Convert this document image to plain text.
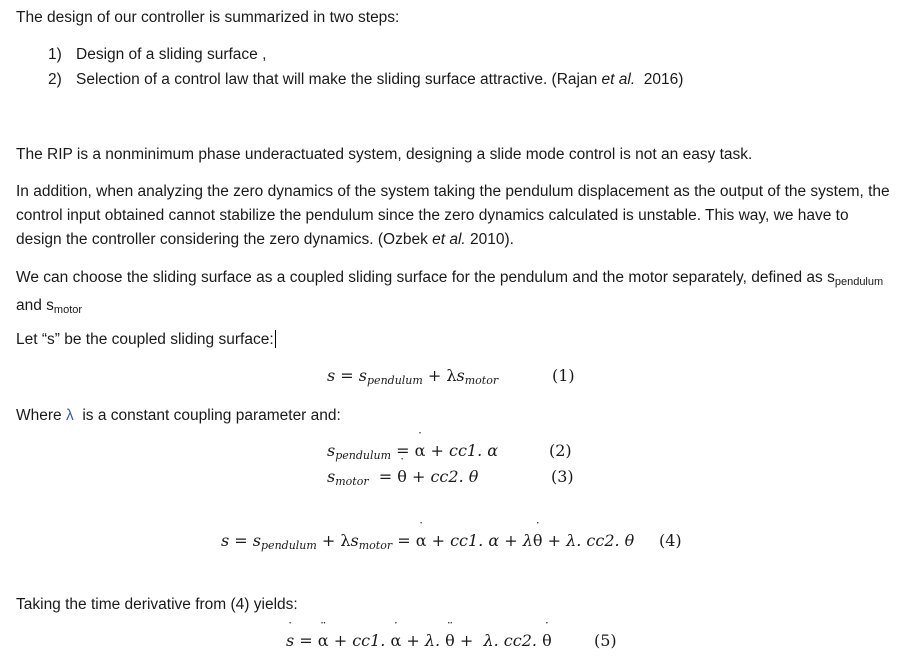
The design of our controller is summarized in two steps:

1) Design of a sliding surface ,
2) Selection of a control law that will make the sliding surface attractive. (Rajan et al.  2016)

The RIP is a nonminimum phase underactuated system, designing a slide mode control is not an easy task.

In addition, when analyzing the zero dynamics of the system taking the pendulum displacement as the output of the system, the control input obtained cannot stabilize the pendulum since the zero dynamics calculated is unstable. This way, we have to design the controller considering the zero dynamics. (Ozbek et al. 2010).

We can choose the sliding surface as a coupled sliding surface for the pendulum and the motor separately, defined as $s_{pendulum}$ and $s_{motor}$

Let “s” be the coupled sliding surface:

$s = s_{pendulum} + \lambda s_{motor}$	(1)

Where λ  is a constant coupling parameter and:

$s_{pendulum}$ = ˙ α + cc1. α	(2)
$s_{motor}$  = ˙ θ + cc2. θ	(3)
$s = s_{pendulum} + \lambda s_{motor}$ = ˙ α + cc1. α + λ˙ θ + λ. cc2. θ (4)

Taking the time derivative from (4) yields:

˙ s = ¨ α + cc1. ˙ α + λ. ¨ θ +  λ. cc2. ˙ θ	(5)
